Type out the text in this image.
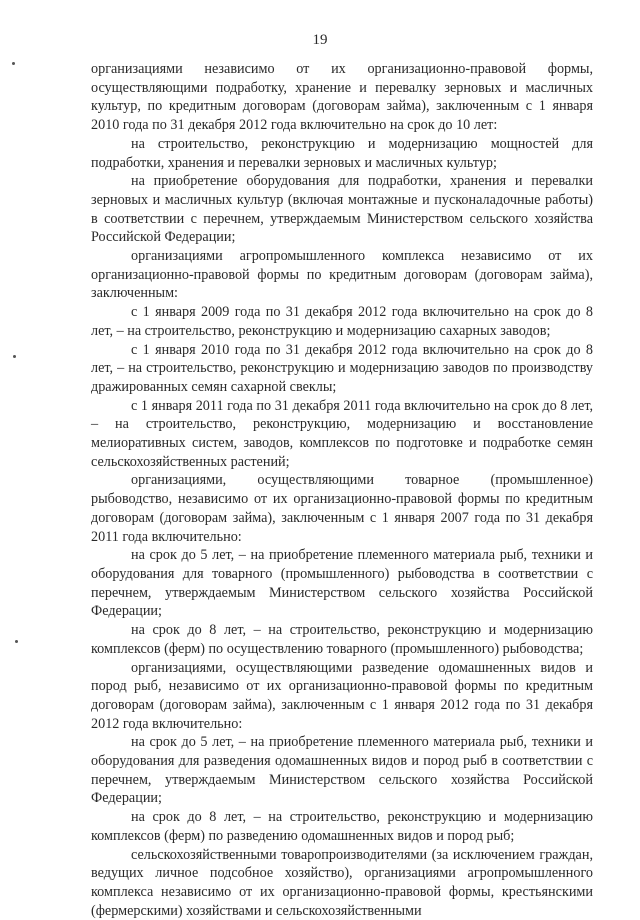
19

организациями независимо от их организационно-правовой формы, осуществляющими подработку, хранение и перевалку зерновых и масличных культур, по кредитным договорам (договорам займа), заключенным с 1 января 2010 года по 31 декабря 2012 года включительно на срок до 10 лет:

на строительство, реконструкцию и модернизацию мощностей для подработки, хранения и перевалки зерновых и масличных культур;

на приобретение оборудования для подработки, хранения и перевалки зерновых и масличных культур (включая монтажные и пусконаладочные работы) в соответствии с перечнем, утверждаемым Министерством сельского хозяйства Российской Федерации;

организациями агропромышленного комплекса независимо от их организационно-правовой формы по кредитным договорам (договорам займа), заключенным:

с 1 января 2009 года по 31 декабря 2012 года включительно на срок до 8 лет, – на строительство, реконструкцию и модернизацию сахарных заводов;

с 1 января 2010 года по 31 декабря 2012 года включительно на срок до 8 лет, – на строительство, реконструкцию и модернизацию заводов по производству дражированных семян сахарной свеклы;

с 1 января 2011 года по 31 декабря 2011 года включительно на срок до 8 лет, – на строительство, реконструкцию, модернизацию и восстановление мелиоративных систем, заводов, комплексов по подготовке и подработке семян сельскохозяйственных растений;

организациями, осуществляющими товарное (промышленное) рыбоводство, независимо от их организационно-правовой формы по кредитным договорам (договорам займа), заключенным с 1 января 2007 года по 31 декабря 2011 года включительно:

на срок до 5 лет, – на приобретение племенного материала рыб, техники и оборудования для товарного (промышленного) рыбоводства в соответствии с перечнем, утверждаемым Министерством сельского хозяйства Российской Федерации;

на срок до 8 лет, – на строительство, реконструкцию и модернизацию комплексов (ферм) по осуществлению товарного (промышленного) рыбоводства;

организациями, осуществляющими разведение одомашненных видов и пород рыб, независимо от их организационно-правовой формы по кредитным договорам (договорам займа), заключенным с 1 января 2012 года по 31 декабря 2012 года включительно:

на срок до 5 лет, – на приобретение племенного материала рыб, техники и оборудования для разведения одомашненных видов и пород рыб в соответствии с перечнем, утверждаемым Министерством сельского хозяйства Российской Федерации;

на срок до 8 лет, – на строительство, реконструкцию и модернизацию комплексов (ферм) по разведению одомашненных видов и пород рыб;

сельскохозяйственными товаропроизводителями (за исключением граждан, ведущих личное подсобное хозяйство), организациями агропромышленного комплекса независимо от их организационно-правовой формы, крестьянскими (фермерскими) хозяйствами и сельскохозяйственными
